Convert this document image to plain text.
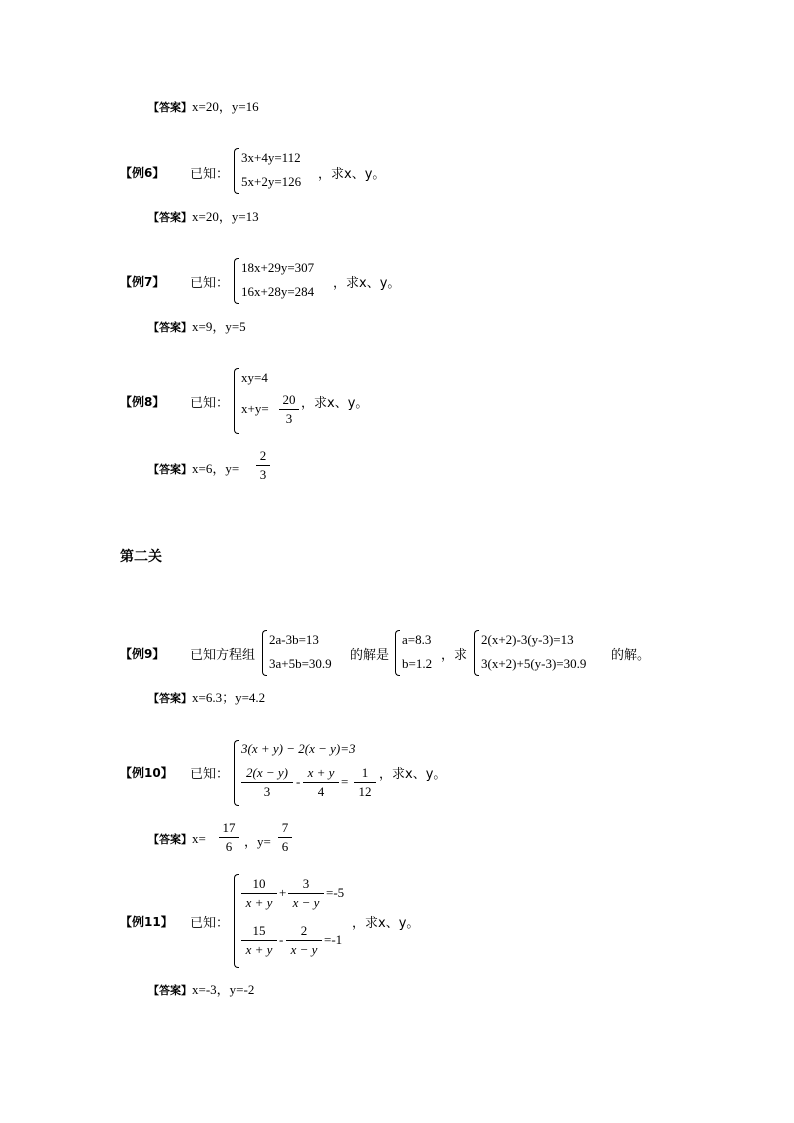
【答案】x=20，y=16
【例6】 已知：
3x+4y=112
5x+2y=126 ，求x、y。
【答案】x=20，y=13
【例7】 已知：
18x+29y=307
16x+28y=284
，求x、y。
【答案】x=9，y=5
【例8】 已知：
xy=4
x+y=
20
3
，求x、y。
【答案】x=6，y=
2
3
第二关
【例9】 已知方程组
2a-3b=13
3a+5b=30.9
的解是
a=8.3
b=1.2
，求
2(x+2)-3(y-3)=13
3(x+2)+5(y-3)=30.9
的解。
【答案】x=6.3；y=4.2
【例10】 已知：
3(x + y) − 2(x − y)=3
2(x − y)
3
-
x + y
4
=
1
12
，求x、y。
【答案】x=
17
6 ，y=
7
6
【例11】 已知：
10
x + y
+
3
x − y
=-5
15
x + y
-
2
x − y
=-1
，求x、y。
【答案】x=-3，y=-2
